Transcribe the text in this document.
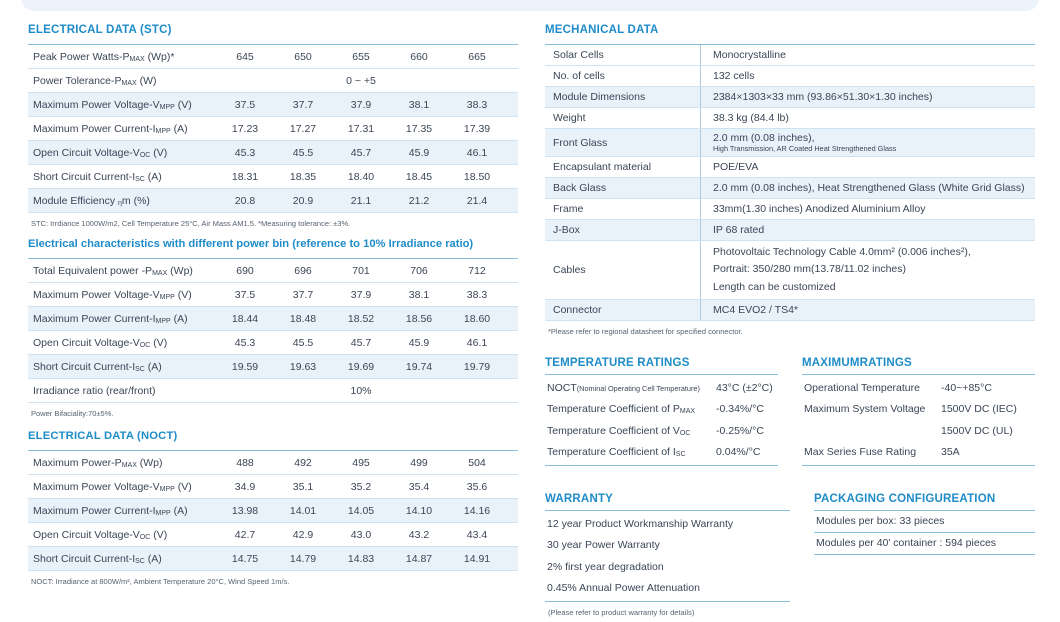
ELECTRICAL DATA (STC)
Peak Power Watts-$P_{MAX}$ (Wp)*	645	650	655	660	665
Power Tolerance-$P_{MAX}$ (W)	0 ~ +5
Maximum Power Voltage-$V_{MPP}$ (V)	37.5	37.7	37.9	38.1	38.3
Maximum Power Current-$I_{MPP}$ (A)	17.23	17.27	17.31	17.35	17.39
Open Circuit Voltage-$V_{OC}$ (V)	45.3	45.5	45.7	45.9	46.1
Short Circuit Current-$I_{SC}$ (A)	18.31	18.35	18.40	18.45	18.50
Module Efficiency $_\eta$m (%)	20.8	20.9	21.1	21.2	21.4
STC: Irrdiance 1000W/m2, Cell Temperature 25°C, Air Mass AM1.5. *Measuring tolerance: ±3%.
Electrical characteristics with different power bin (reference to 10% Irradiance ratio)
Total Equivalent power $-P_{MAX}$ (Wp)	690	696	701	706	712
Maximum Power Voltage-$V_{MPP}$ (V)	37.5	37.7	37.9	38.1	38.3
Maximum Power Current-$I_{MPP}$ (A)	18.44	18.48	18.52	18.56	18.60
Open Circuit Voltage-$V_{OC}$ (V)	45.3	45.5	45.7	45.9	46.1
Short Circuit Current-$I_{SC}$ (A)	19.59	19.63	19.69	19.74	19.79
Irradiance ratio (rear/front)	10%
Power Bifaciality:70±5%.
ELECTRICAL DATA (NOCT)
Maximum Power-$P_{MAX}$ (Wp)	488	492	495	499	504
Maximum Power Voltage-$V_{MPP}$ (V)	34.9	35.1	35.2	35.4	35.6
Maximum Power Current-$I_{MPP}$ (A)	13.98	14.01	14.05	14.10	14.16
Open Circuit Voltage-$V_{OC}$ (V)	42.7	42.9	43.0	43.2	43.4
Short Circuit Current-$I_{SC}$ (A)	14.75	14.79	14.83	14.87	14.91
NOCT: Irradiance at 800W/m², Ambient Temperature 20°C, Wind Speed 1m/s.
MECHANICAL DATA
Solar Cells	Monocrystalline
No. of cells	132 cells
Module Dimensions	2384×1303×33 mm (93.86×51.30×1.30 inches)
Weight	38.3 kg (84.4 lb)
Front Glass	2.0 mm (0.08 inches),
High Transmission, AR Coated Heat Strengthened Glass
Encapsulant material	POE/EVA
Back Glass	2.0 mm (0.08 inches), Heat Strengthened Glass (White Grid Glass)
Frame	33mm(1.30 inches) Anodized Aluminium Alloy
J-Box	IP 68 rated
Cables
Photovoltaic Technology Cable 4.0mm² (0.006 inches²),
Portrait: 350/280 mm(13.78/11.02 inches)
Length can be customized
Connector	MC4 EVO2 / TS4*
*Please refer to regional datasheet for specified connector.
TEMPERATURE RATINGS
NOCT(Nominal Operating Cell Temperature)	43°C (±2°C)
Temperature Coefficient of $P_{MAX}$	-0.34%/°C
Temperature Coefficient of $V_{OC}$	-0.25%/°C
Temperature Coefficient of $I_{SC}$	0.04%/°C
MAXIMUMRATINGS
Operational Temperature	-40~+85°C
Maximum System Voltage	1500V DC (IEC)
1500V DC (UL)
Max Series Fuse Rating	35A
WARRANTY
12 year Product Workmanship Warranty
30 year Power Warranty
2% first year degradation
0.45% Annual Power Attenuation
(Please refer to product warranty for details)
PACKAGING CONFIGUREATION
Modules per box: 33 pieces
Modules per 40' container : 594 pieces
